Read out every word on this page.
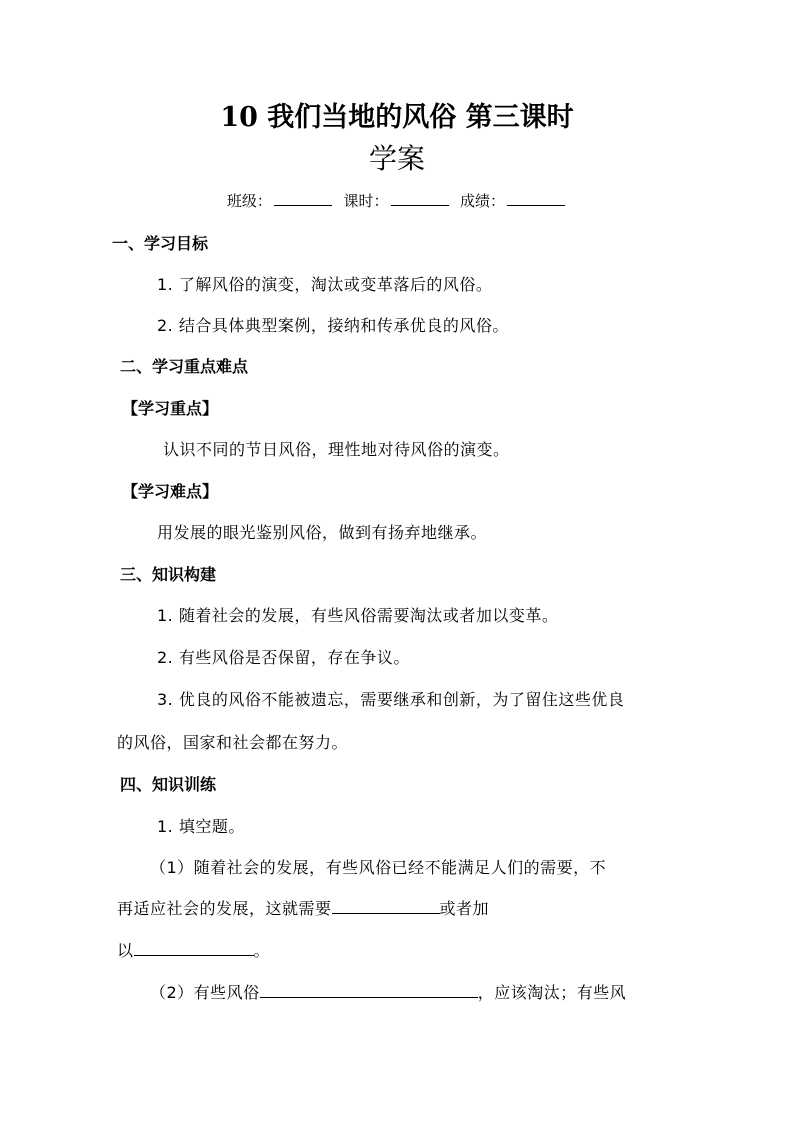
10 我们当地的风俗 第三课时
学案
班级：	课时：	成绩：
一、学习目标
1. 了解风俗的演变，淘汰或变革落后的风俗。
2. 结合具体典型案例，接纳和传承优良的风俗。
二、学习重点难点
【学习重点】
认识不同的节日风俗，理性地对待风俗的演变。
【学习难点】
用发展的眼光鉴别风俗，做到有扬弃地继承。
三、知识构建
1. 随着社会的发展，有些风俗需要淘汰或者加以变革。
2. 有些风俗是否保留，存在争议。
3. 优良的风俗不能被遗忘，需要继承和创新，为了留住这些优良
的风俗，国家和社会都在努力。
四、知识训练
1. 填空题。
（1）随着社会的发展，有些风俗已经不能满足人们的需要，不
再适应社会的发展，这就需要	或者加
以	。
（2）有些风俗	，应该淘汰；有些风
